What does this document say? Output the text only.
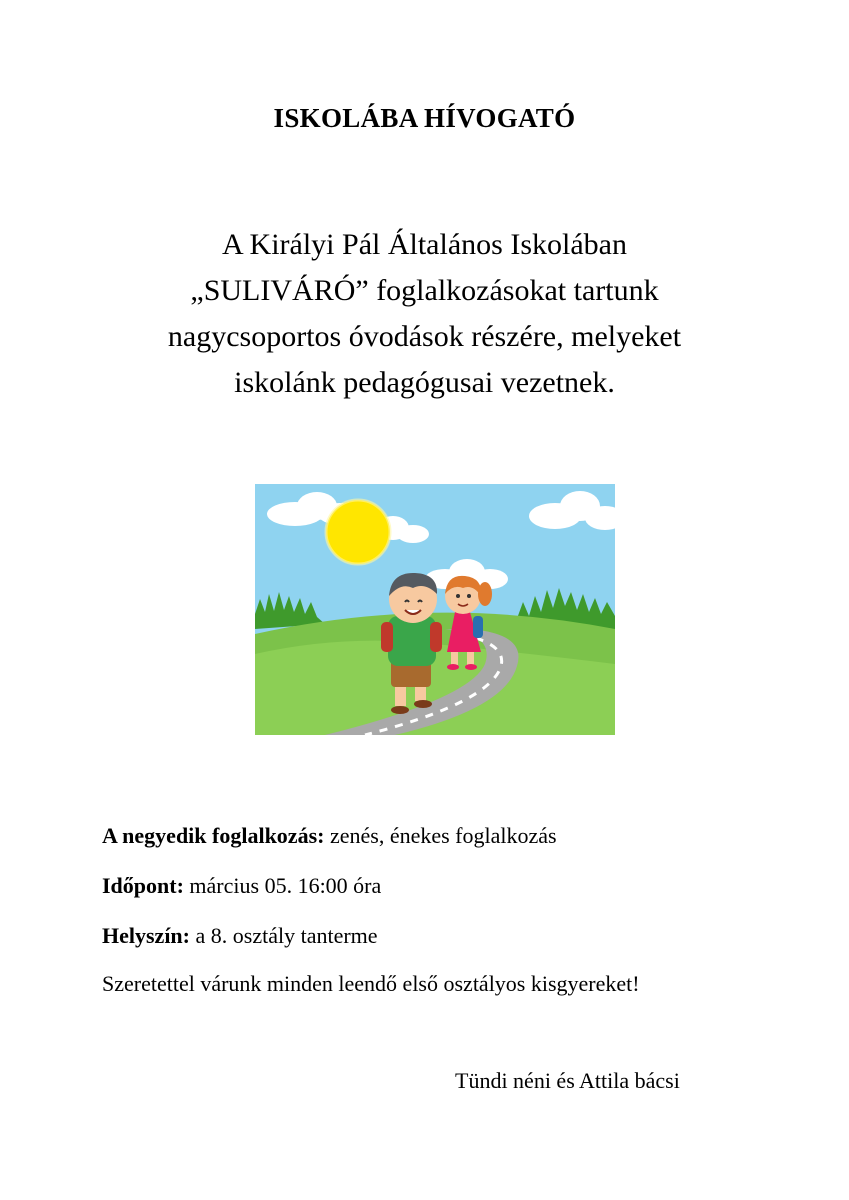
ISKOLÁBA HÍVOGATÓ
A Királyi Pál Általános Iskolában
„SULIVÁRÓ” foglalkozásokat tartunk
nagycsoportos óvodások részére, melyeket
iskolánk pedagógusai vezetnek.
A negyedik foglalkozás: zenés, énekes foglalkozás
Időpont: március 05. 16:00 óra
Helyszín: a 8. osztály tanterme
Szeretettel várunk minden leendő első osztályos kisgyereket!
Tündi néni és Attila bácsi
